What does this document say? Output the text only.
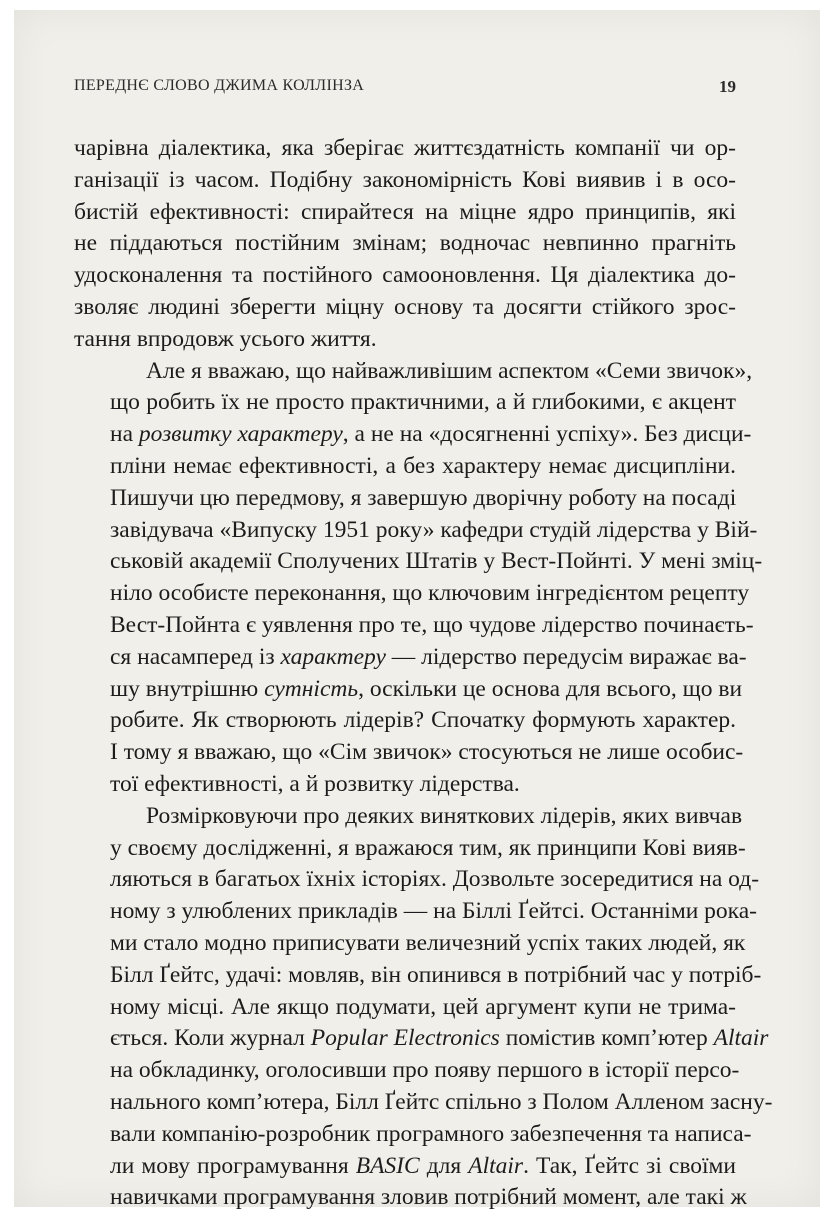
ПЕРЕДНЄ СЛОВО ДЖИМА КОЛЛІНЗА	19

чарівна діалектика, яка зберігає життєздатність компанії чи ор-
ганізації із часом. Подібну закономірність Кові виявив і в осо-
бистій ефективності: спирайтеся на міцне ядро принципів, які
не піддаються постійним змінам; водночас невпинно прагніть
удосконалення та постійного самооновлення. Ця діалектика до-
зволяє людині зберегти міцну основу та досягти стійкого зрос-
тання впродовж усього життя.

Але я вважаю, що найважливішим аспектом «Семи звичок»,
що робить їх не просто практичними, а й глибокими, є акцент
на розвитку характеру, а не на «досягненні успіху». Без дисци-
пліни немає ефективності, а без характеру немає дисципліни.
Пишучи цю передмову, я завершую дворічну роботу на посаді
завідувача «Випуску 1951 року» кафедри студій лідерства у Вій-
ськовій академії Сполучених Штатів у Вест-Пойнті. У мені зміц-
ніло особисте переконання, що ключовим інгредієнтом рецепту
Вест-Пойнта є уявлення про те, що чудове лідерство починаєть-
ся насамперед із характеру — лідерство передусім виражає ва-
шу внутрішню сутність, оскільки це основа для всього, що ви
робите. Як створюють лідерів? Спочатку формують характер.
І тому я вважаю, що «Сім звичок» стосуються не лише особис-
тої ефективності, а й розвитку лідерства.

Розмірковуючи про деяких виняткових лідерів, яких вивчав
у своєму дослідженні, я вражаюся тим, як принципи Кові вияв-
ляються в багатьох їхніх історіях. Дозвольте зосередитися на од-
ному з улюблених прикладів — на Біллі Ґейтсі. Останніми рока-
ми стало модно приписувати величезний успіх таких людей, як
Білл Ґейтс, удачі: мовляв, він опинився в потрібний час у потріб-
ному місці. Але якщо подумати, цей аргумент купи не трима-
ється. Коли журнал Popular Electronics помістив комп’ютер Altair
на обкладинку, оголосивши про появу першого в історії персо-
нального комп’ютера, Білл Ґейтс спільно з Полом Алленом засну-
вали компанію-розробник програмного забезпечення та написа-
ли мову програмування BASIC для Altair. Так, Ґейтс зі своїми
навичками програмування зловив потрібний момент, але такі ж
